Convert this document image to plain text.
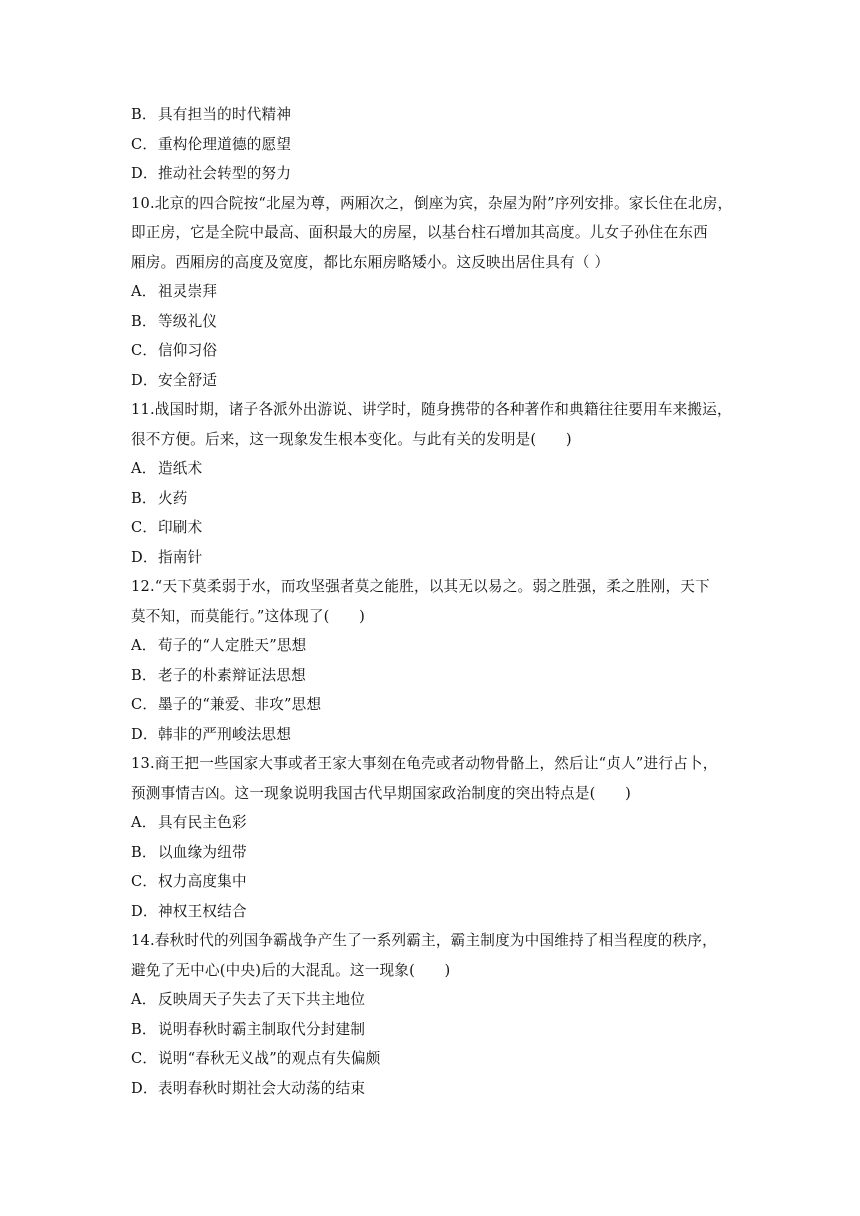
B． 具有担当的时代精神
C． 重构伦理道德的愿望
D． 推动社会转型的努力
10.北京的四合院按“北屋为尊，两厢次之，倒座为宾，杂屋为附”序列安排。家长住在北房，
即正房，它是全院中最高、面积最大的房屋，以基台柱石增加其高度。儿女子孙住在东西
厢房。西厢房的高度及宽度，都比东厢房略矮小。这反映出居住具有（ ）
A． 祖灵崇拜
B． 等级礼仪
C． 信仰习俗
D． 安全舒适
11.战国时期，诸子各派外出游说、讲学时，随身携带的各种著作和典籍往往要用车来搬运，
很不方便。后来，这一现象发生根本变化。与此有关的发明是(　　)
A． 造纸术
B． 火药
C． 印刷术
D． 指南针
12.“天下莫柔弱于水，而攻坚强者莫之能胜，以其无以易之。弱之胜强，柔之胜刚，天下
莫不知，而莫能行。”这体现了(　　)
A． 荀子的“人定胜天”思想
B． 老子的朴素辩证法思想
C． 墨子的“兼爱、非攻”思想
D． 韩非的严刑峻法思想
13.商王把一些国家大事或者王家大事刻在龟壳或者动物骨骼上，然后让“贞人”进行占卜，
预测事情吉凶。这一现象说明我国古代早期国家政治制度的突出特点是(　　)
A． 具有民主色彩
B． 以血缘为纽带
C． 权力高度集中
D． 神权王权结合
14.春秋时代的列国争霸战争产生了一系列霸主，霸主制度为中国维持了相当程度的秩序，
避免了无中心(中央)后的大混乱。这一现象(　　)
A． 反映周天子失去了天下共主地位
B． 说明春秋时霸主制取代分封建制
C． 说明“春秋无义战”的观点有失偏颇
D． 表明春秋时期社会大动荡的结束
